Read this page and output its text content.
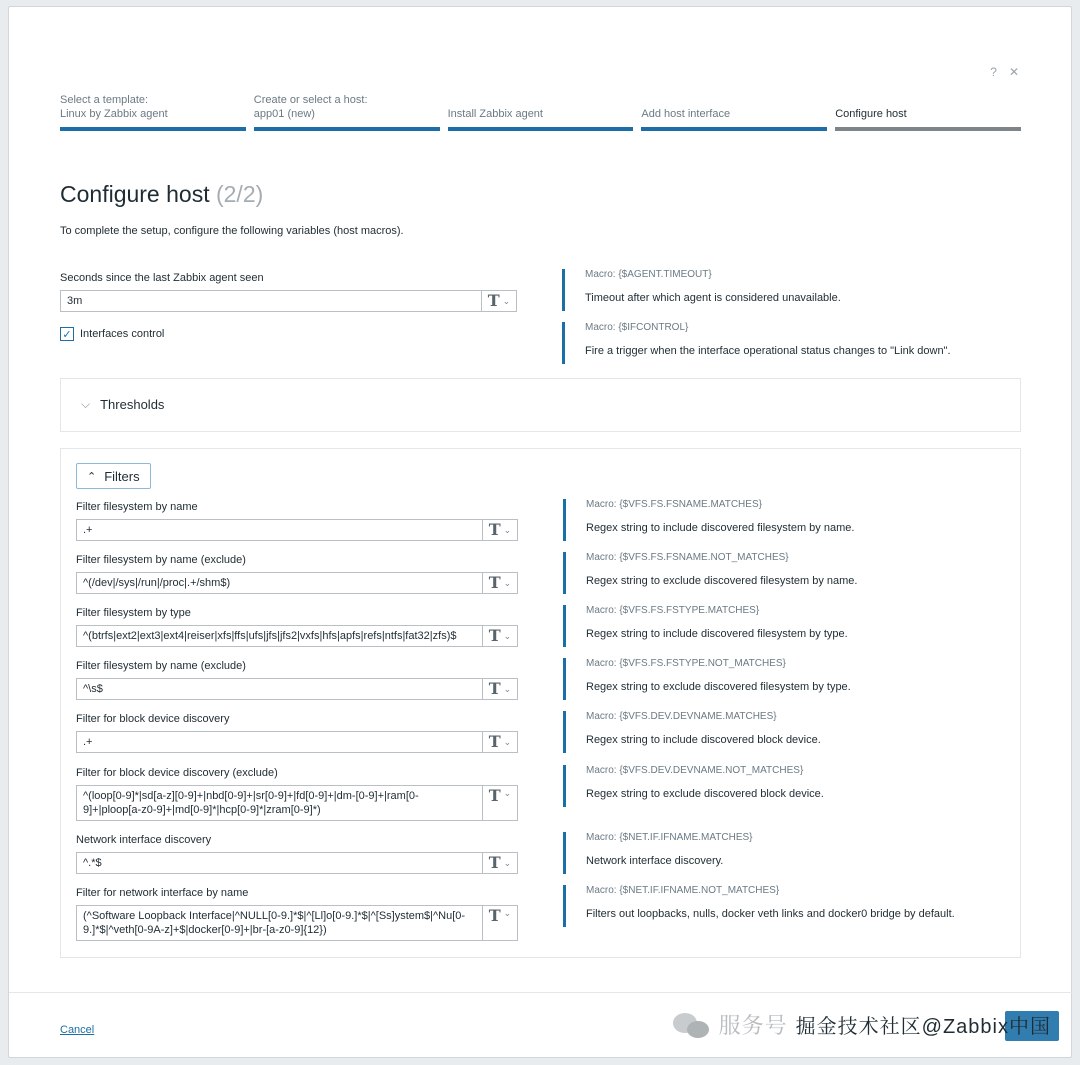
? ✕
Select a template:
Linux by Zabbix agent
Create or select a host:
app01 (new)	Install Zabbix agent	Add host interface	Configure host
Configure host (2/2)
To complete the setup, configure the following variables (host macros).
Seconds since the last Zabbix agent seen
3m	T ⌄
Macro: {$AGENT.TIMEOUT}
Timeout after which agent is considered unavailable.
✓ Interfaces control
Macro: {$IFCONTROL}
Fire a trigger when the interface operational status changes to "Link down".
⌵ Thresholds
⌃ Filters
Filter filesystem by name
.+	T ⌄
Macro: {$VFS.FS.FSNAME.MATCHES}
Regex string to include discovered filesystem by name.
Filter filesystem by name (exclude)
^(/dev|/sys|/run|/proc|.+/shm$)	T ⌄
Macro: {$VFS.FS.FSNAME.NOT_MATCHES}
Regex string to exclude discovered filesystem by name.
Filter filesystem by type
^(btrfs|ext2|ext3|ext4|reiser|xfs|ffs|ufs|jfs|jfs2|vxfs|hfs|apfs|refs|ntfs|fat32|zfs)$	T ⌄
Macro: {$VFS.FS.FSTYPE.MATCHES}
Regex string to include discovered filesystem by type.
Filter filesystem by name (exclude)
^\s$	T ⌄
Macro: {$VFS.FS.FSTYPE.NOT_MATCHES}
Regex string to exclude discovered filesystem by type.
Filter for block device discovery
.+	T ⌄
Macro: {$VFS.DEV.DEVNAME.MATCHES}
Regex string to include discovered block device.
Filter for block device discovery (exclude)
^(loop[0-9]*|sd[a-z][0-9]+|nbd[0-9]+|sr[0-9]+|fd[0-9]+|dm-[0-9]+|ram[0-9]+|ploop[a-z0-9]+|md[0-9]*|hcp[0-9]*|zram[0-9]*)
T ⌄
Macro: {$VFS.DEV.DEVNAME.NOT_MATCHES}
Regex string to exclude discovered block device.
Network interface discovery
^.*$	T ⌄
Macro: {$NET.IF.IFNAME.MATCHES}
Network interface discovery.
Filter for network interface by name
(^Software Loopback Interface|^NULL[0-9.]*$|^[Ll]o[0-9.]*$|^[Ss]ystem$|^Nu[0-9.]*$|^veth[0-9A-z]+$|docker[0-9]+|br-[a-z0-9]{12})
T ⌄
Macro: {$NET.IF.IFNAME.NOT_MATCHES}
Filters out loopbacks, nulls, docker veth links and docker0 bridge by default.
Cancel	服务号 掘金技术社区@Zabbix中国
